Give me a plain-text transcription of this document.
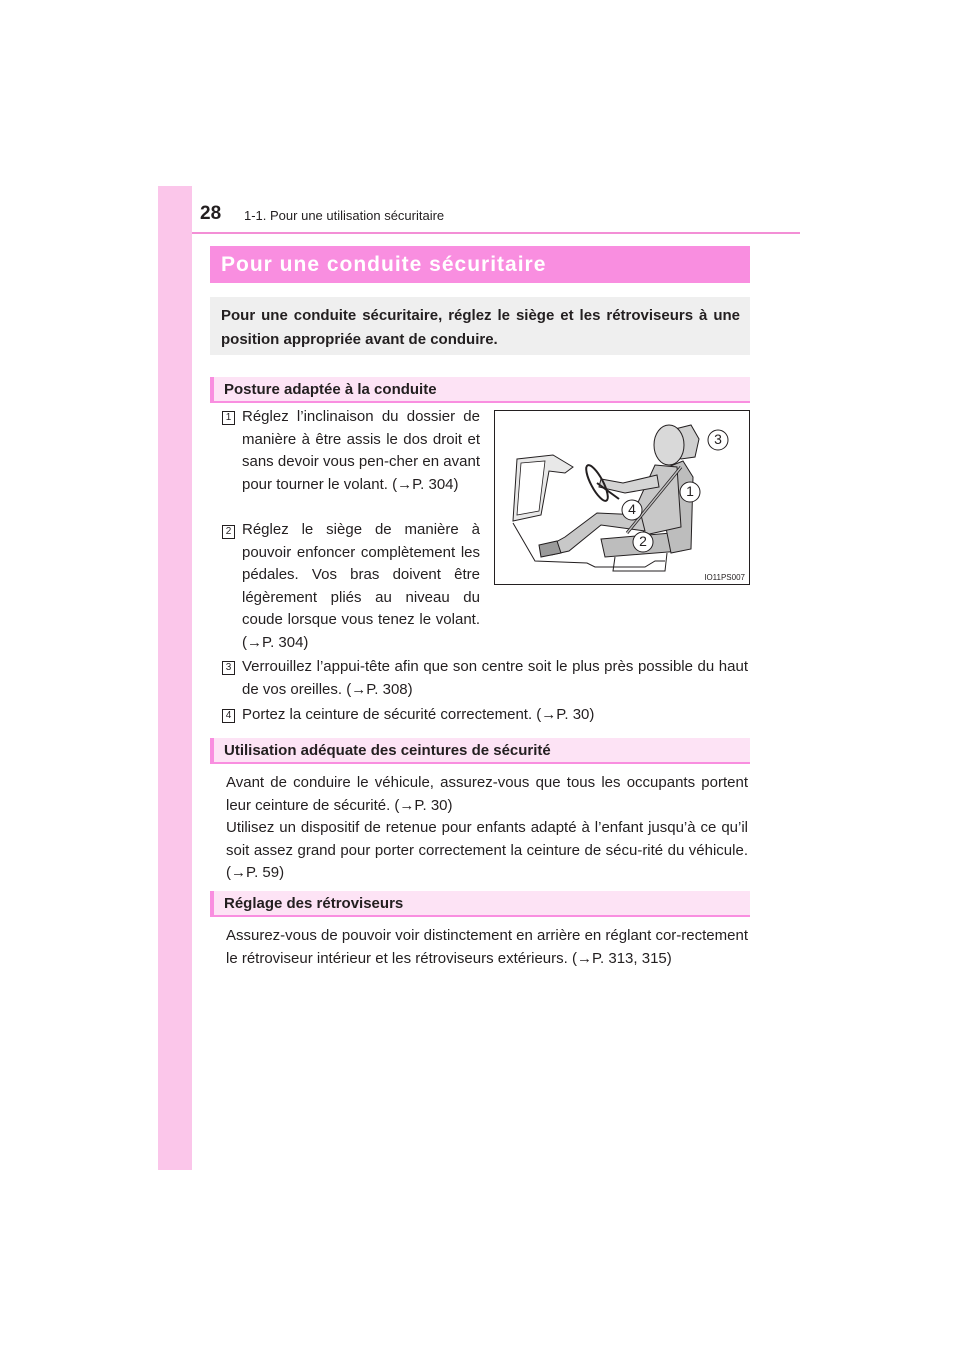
28 1-1. Pour une utilisation sécuritaire
Pour une conduite sécuritaire
Pour une conduite sécuritaire, réglez le siège et les rétroviseurs à une position appropriée avant de conduire.
Posture adaptée à la conduite
1 Réglez l’inclinaison du dossier de manière à être assis le dos droit et sans devoir vous pen-cher en avant pour tourner le volant. (→P. 304)
2 Réglez le siège de manière à pouvoir enfoncer complètement les pédales. Vos bras doivent être légèrement pliés au niveau du coude lorsque vous tenez le volant. (→P. 304)
3 Verrouillez l’appui-tête afin que son centre soit le plus près possible du haut de vos oreilles. (→P. 308)
4 Portez la ceinture de sécurité correctement. (→P. 30)
3
1
4
2
IO11PS007
Utilisation adéquate des ceintures de sécurité
Avant de conduire le véhicule, assurez-vous que tous les occupants portent leur ceinture de sécurité. (→P. 30)
Utilisez un dispositif de retenue pour enfants adapté à l’enfant jusqu’à ce qu’il soit assez grand pour porter correctement la ceinture de sécu-rité du véhicule. (→P. 59)
Réglage des rétroviseurs
Assurez-vous de pouvoir voir distinctement en arrière en réglant cor-rectement le rétroviseur intérieur et les rétroviseurs extérieurs. (→P. 313, 315)
